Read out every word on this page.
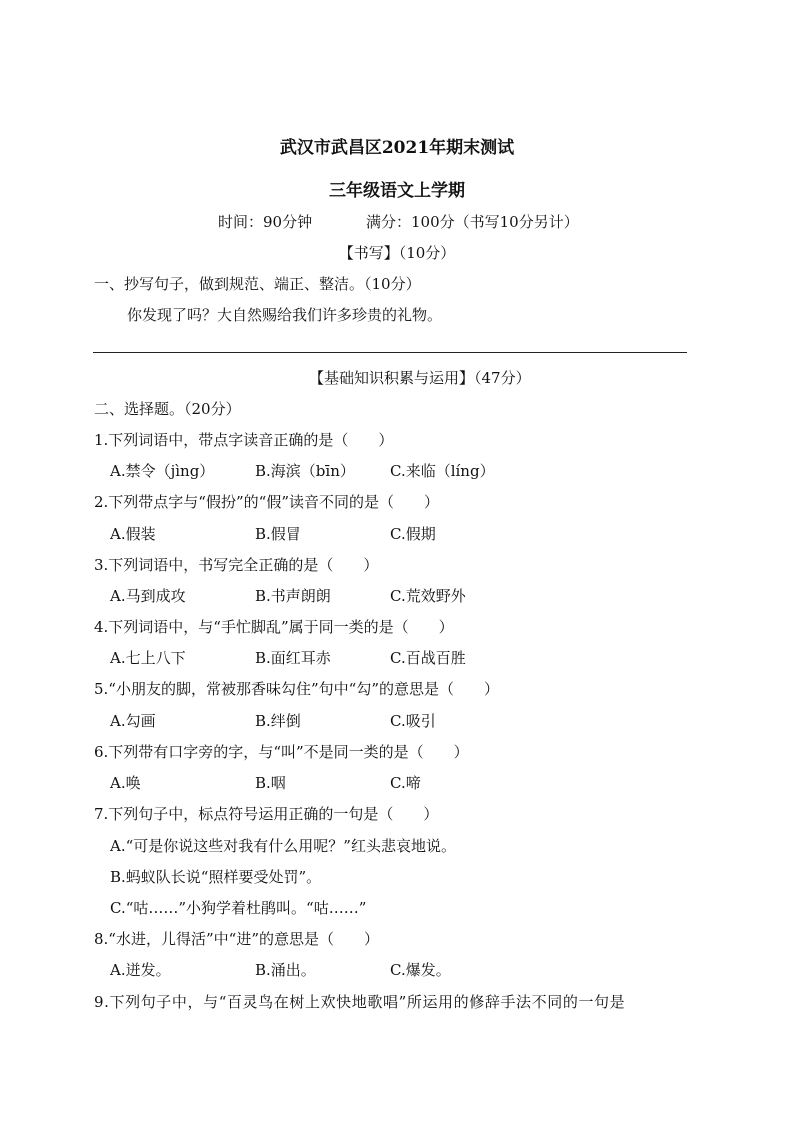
武汉市武昌区2021年期末测试
三年级语文上学期
时间：90分钟	满分：100分（书写10分另计）
【书写】（10分）
一、抄写句子，做到规范、端正、整洁。（10分）
你发现了吗？大自然赐给我们许多珍贵的礼物。
【基础知识积累与运用】（47分）
二、选择题。（20分）
1.下列词语中，带点字读音正确的是（　　）
A.禁令（jìng）	B.海滨（bīn） C.来临（líng）
2.下列带点字与“假扮”的“假”读音不同的是（　　）
A.假装	B.假冒	C.假期
3.下列词语中，书写完全正确的是（　　）
A.马到成攻	B.书声朗朗	C.荒效野外
4.下列词语中，与“手忙脚乱”属于同一类的是（　　）
A.七上八下	B.面红耳赤	C.百战百胜
5.“小朋友的脚，常被那香味勾住”句中“勾”的意思是（　　）
A.勾画	B.绊倒	C.吸引
6.下列带有口字旁的字，与“叫”不是同一类的是（　　）
A.唤	B.咽	C.啼
7.下列句子中，标点符号运用正确的一句是（　　）
A.“可是你说这些对我有什么用呢？”红头悲哀地说。
B.蚂蚁队长说“照样要受处罚”。
C.“咕……”小狗学着杜鹃叫。“咕……”
8.“水进，儿得活”中“进”的意思是（　　）
A.迸发。	B.涌出。	C.爆发。
9.下列句子中，与“百灵鸟在树上欢快地歌唱”所运用的修辞手法不同的一句是
